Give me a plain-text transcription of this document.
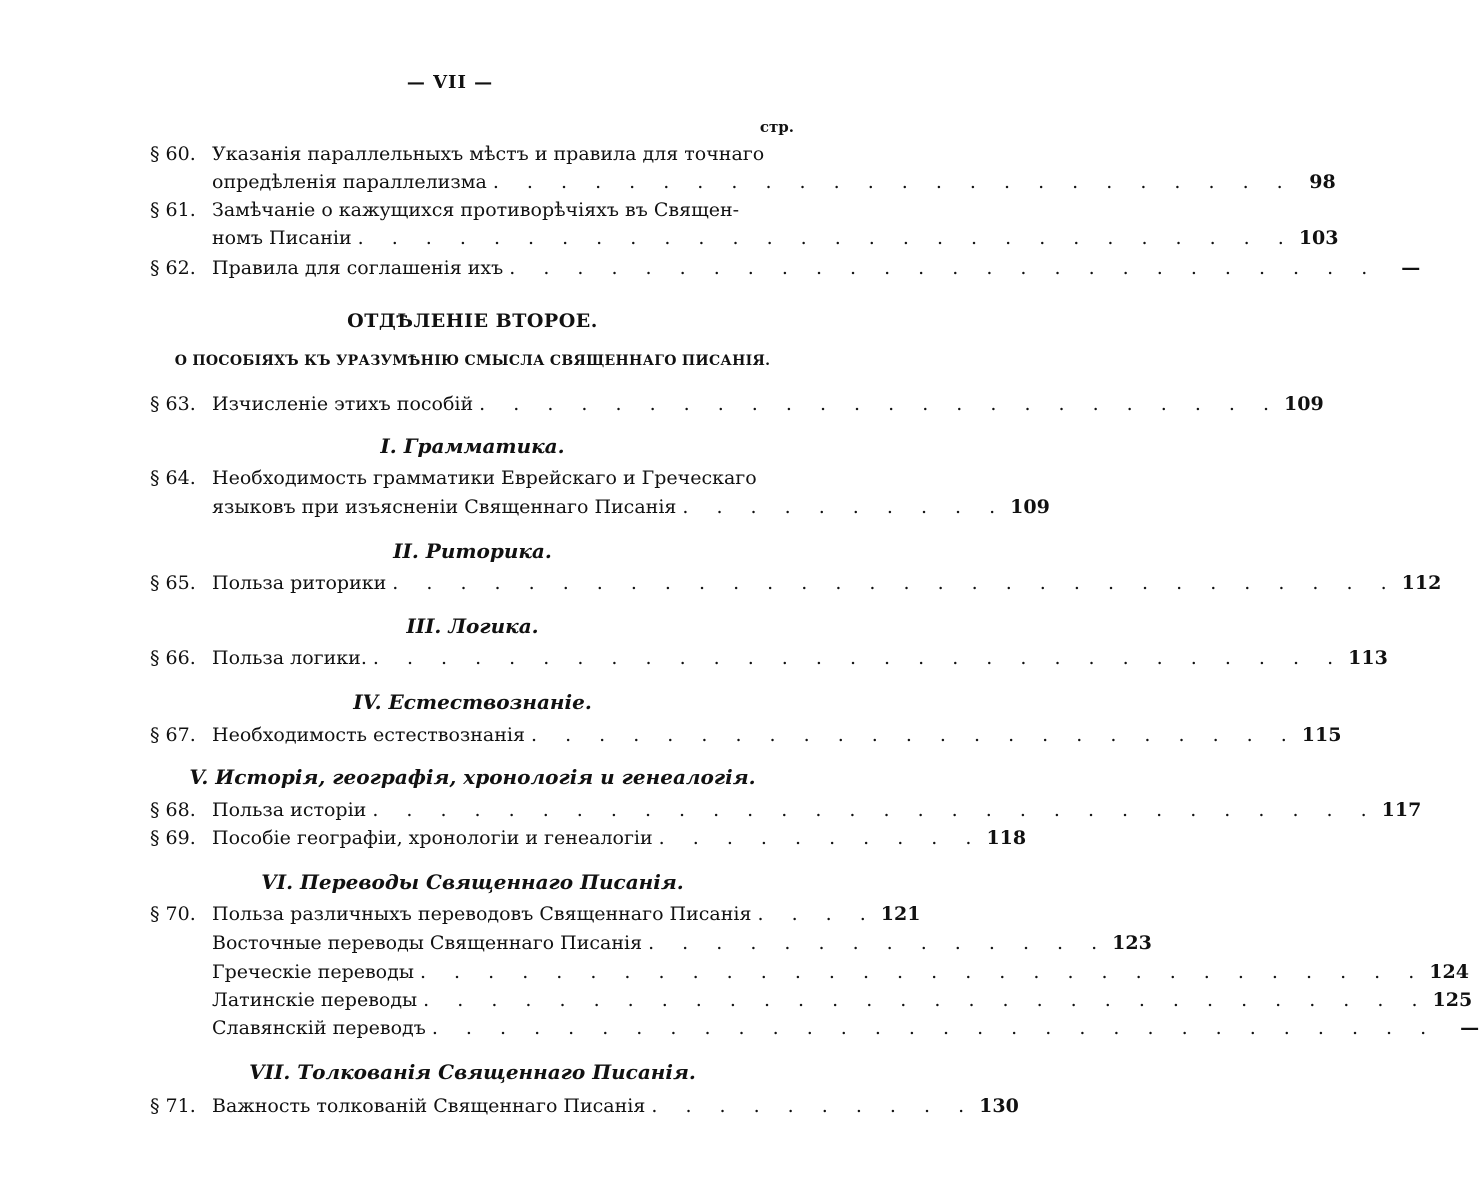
— VII —
стр.
§ 60. Указанія параллельныхъ мѣстъ и правила для точнаго
опредѣленія параллелизма . . . . . . . . . . . . . . . . . . . . . . . . 98
§ 61. Замѣчаніе о кажущихся противорѣчіяхъ въ Священ-
номъ Писаніи . . . . . . . . . . . . . . . . . . . . . . . . . . . . 103
§ 62. Правила для соглашенія ихъ . . . . . . . . . . . . . . . . . . . . . . . . . .	—
ОТДѢЛЕНІЕ ВТОРОЕ.
О ПОСОБІЯХЪ КЪ УРАЗУМѢНІЮ СМЫСЛА СВЯЩЕННАГО ПИСАНІЯ.
§ 63. Изчисленіе этихъ пособій . . . . . . . . . . . . . . . . . . . . . . . . 109
I. Грамматика.
§ 64. Необходимость грамматики Еврейскаго и Греческаго
языковъ при изъясненіи Священнаго Писанія . . . . . . . . . . 109
II. Риторика.
§ 65. Польза риторики . . . . . . . . . . . . . . . . . . . . . . . . . . . . . . 112
III. Логика.
§ 66. Польза логики. . . . . . . . . . . . . . . . . . . . . . . . . . . . . . 113
IV. Естествознаніе.
§ 67. Необходимость естествознанія . . . . . . . . . . . . . . . . . . . . . . . 115
V. Исторія, географія, хронологія и генеалогія.
§ 68. Польза исторіи . . . . . . . . . . . . . . . . . . . . . . . . . . . . . . 117
§ 69. Пособіе географіи, хронологіи и генеалогіи . . . . . . . . . . 118
VI. Переводы Священнаго Писанія.
§ 70. Польза различныхъ переводовъ Священнаго Писанія . . . . 121
Восточные переводы Священнаго Писанія . . . . . . . . . . . . . . 123
Греческіе переводы . . . . . . . . . . . . . . . . . . . . . . . . . . . . . . 124
Латинскіе переводы . . . . . . . . . . . . . . . . . . . . . . . . . . . . . . 125
Славянскій переводъ . . . . . . . . . . . . . . . . . . . . . . . . . . . . . .	—
VII. Толкованія Священнаго Писанія.
§ 71. Важность толкованій Священнаго Писанія . . . . . . . . . . 130
